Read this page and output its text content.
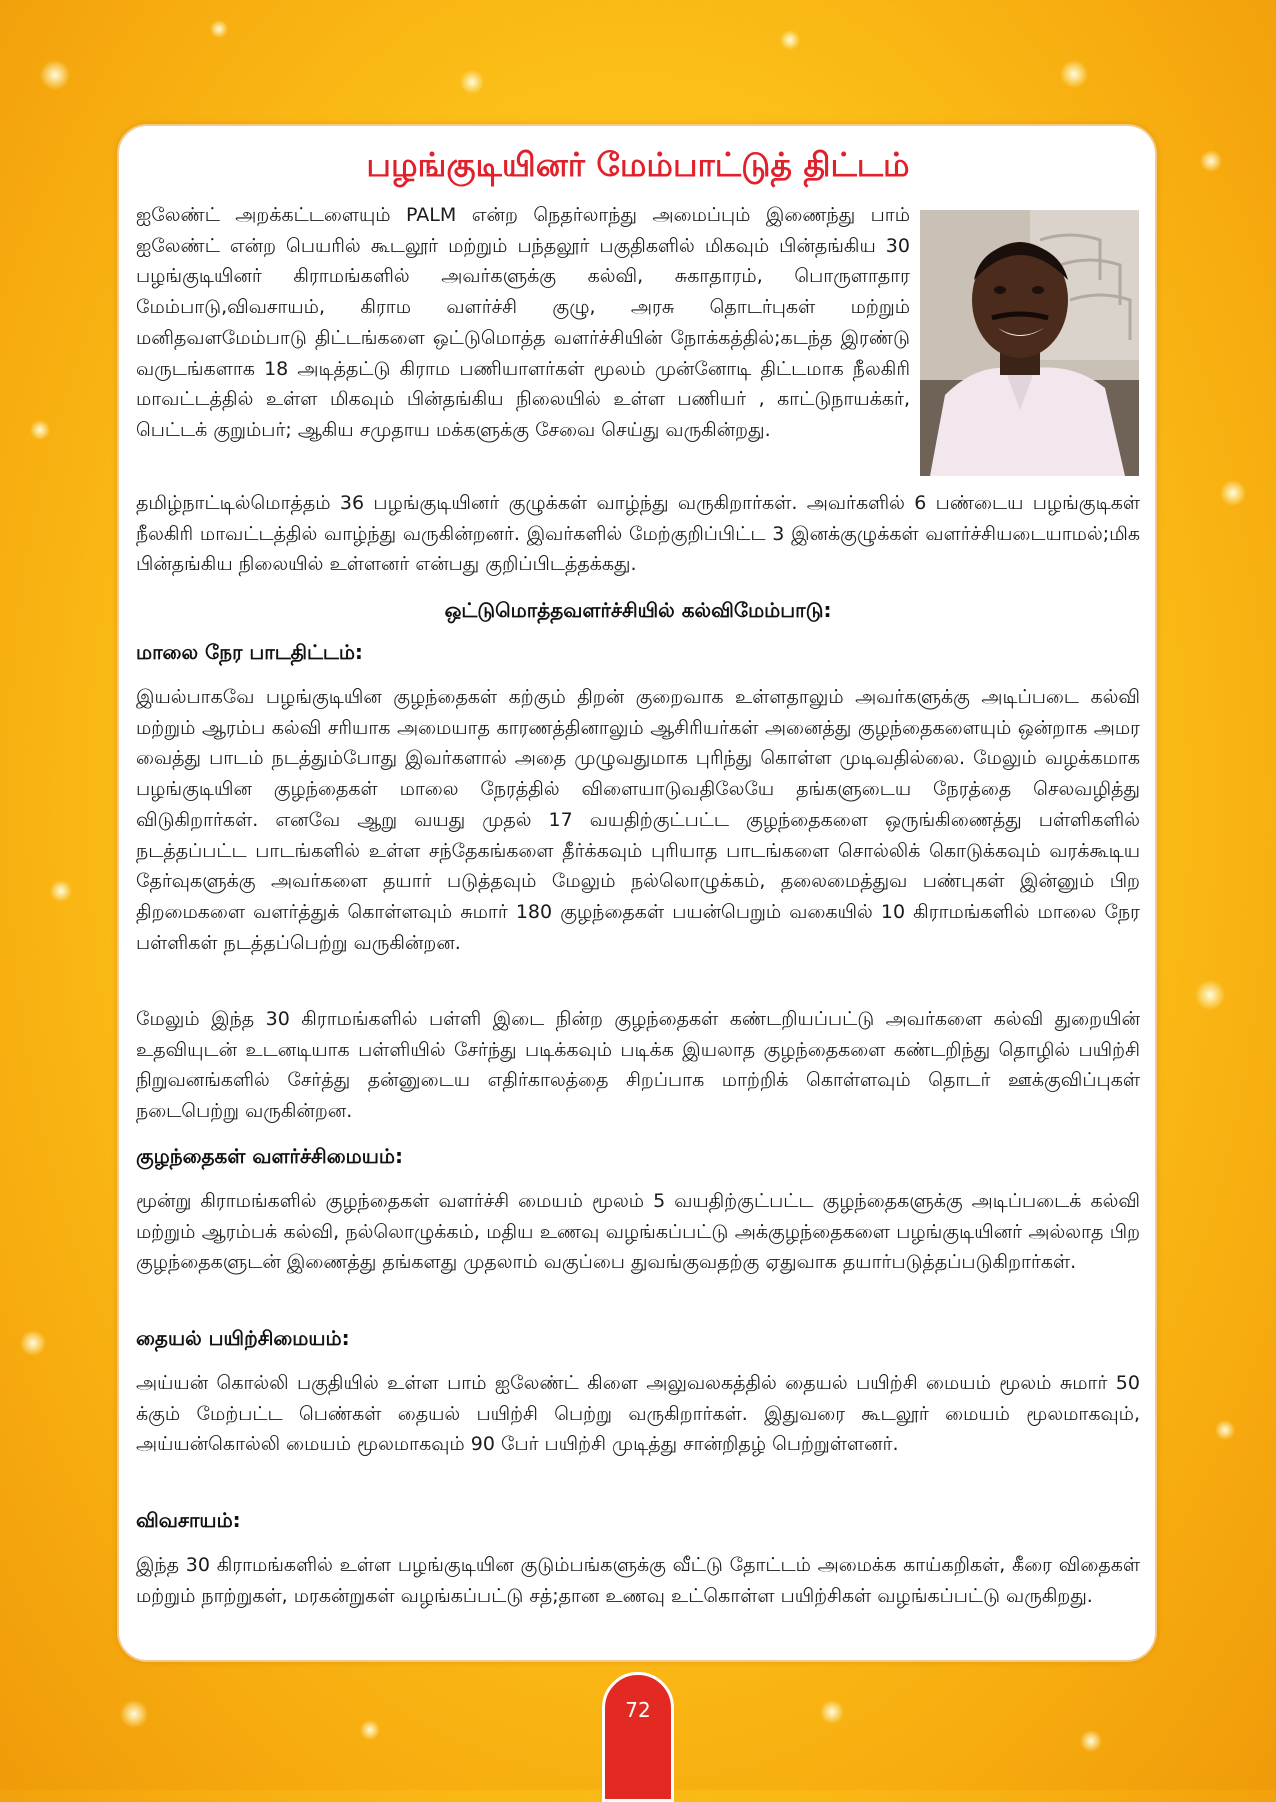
பழங்குடியினர் மேம்பாட்டுத் திட்டம்

ஐலேண்ட் அறக்கட்டளையும் PALM என்ற நெதர்லாந்து அமைப்பும் இணைந்து பாம் ஐலேண்ட் என்ற பெயரில் கூடலூர் மற்றும் பந்தலூர் பகுதிகளில் மிகவும் பின்தங்கிய 30 பழங்குடியினர் கிராமங்களில் அவர்களுக்கு கல்வி, சுகாதாரம், பொருளாதார மேம்பாடு,விவசாயம், கிராம வளர்ச்சி குழு, அரசு தொடர்புகள் மற்றும் மனிதவளமேம்பாடு திட்டங்களை ஒட்டுமொத்த வளர்ச்சியின் நோக்கத்தில்;கடந்த இரண்டு வருடங்களாக 18 அடித்தட்டு கிராம பணியாளர்கள் மூலம் முன்னோடி திட்டமாக நீலகிரி மாவட்டத்தில் உள்ள மிகவும் பின்தங்கிய நிலையில் உள்ள பணியர் , காட்டுநாயக்கர், பெட்டக் குறும்பர்; ஆகிய சமுதாய மக்களுக்கு சேவை செய்து வருகின்றது.

தமிழ்நாட்டில்மொத்தம் 36 பழங்குடியினர் குழுக்கள் வாழ்ந்து வருகிறார்கள். அவர்களில் 6 பண்டைய பழங்குடிகள் நீலகிரி மாவட்டத்தில் வாழ்ந்து வருகின்றனர். இவர்களில் மேற்குறிப்பிட்ட 3 இனக்குழுக்கள் வளர்ச்சியடையாமல்;மிக பின்தங்கிய நிலையில் உள்ளனர் என்பது குறிப்பிடத்தக்கது.

ஒட்டுமொத்தவளர்ச்சியில் கல்விமேம்பாடு:

மாலை நேர பாடதிட்டம்:

இயல்பாகவே பழங்குடியின குழந்தைகள் கற்கும் திறன் குறைவாக உள்ளதாலும் அவர்களுக்கு அடிப்படை கல்வி மற்றும் ஆரம்ப கல்வி சரியாக அமையாத காரணத்தினாலும் ஆசிரியர்கள் அனைத்து குழந்தைகளையும் ஒன்றாக அமர வைத்து பாடம் நடத்தும்போது இவர்களால் அதை முழுவதுமாக புரிந்து கொள்ள முடிவதில்லை. மேலும் வழக்கமாக பழங்குடியின குழந்தைகள் மாலை நேரத்தில் விளையாடுவதிலேயே தங்களுடைய நேரத்தை செலவழித்து விடுகிறார்கள். எனவே ஆறு வயது முதல் 17 வயதிற்குட்பட்ட குழந்தைகளை ஒருங்கிணைத்து பள்ளிகளில் நடத்தப்பட்ட பாடங்களில் உள்ள சந்தேகங்களை தீர்க்கவும் புரியாத பாடங்களை சொல்லிக் கொடுக்கவும் வரக்கூடிய தேர்வுகளுக்கு அவர்களை தயார் படுத்தவும் மேலும் நல்லொழுக்கம், தலைமைத்துவ பண்புகள் இன்னும் பிற திறமைகளை வளர்த்துக் கொள்ளவும் சுமார் 180 குழந்தைகள் பயன்பெறும் வகையில் 10 கிராமங்களில் மாலை நேர பள்ளிகள் நடத்தப்பெற்று வருகின்றன.

மேலும் இந்த 30 கிராமங்களில் பள்ளி இடை நின்ற குழந்தைகள் கண்டறியப்பட்டு அவர்களை கல்வி துறையின் உதவியுடன் உடனடியாக பள்ளியில் சேர்ந்து படிக்கவும் படிக்க இயலாத குழந்தைகளை கண்டறிந்து தொழில் பயிற்சி நிறுவனங்களில் சேர்த்து தன்னுடைய எதிர்காலத்தை சிறப்பாக மாற்றிக் கொள்ளவும் தொடர் ஊக்குவிப்புகள் நடைபெற்று வருகின்றன.

குழந்தைகள் வளர்ச்சிமையம்:

மூன்று கிராமங்களில் குழந்தைகள் வளர்ச்சி மையம் மூலம் 5 வயதிற்குட்பட்ட குழந்தைகளுக்கு அடிப்படைக் கல்வி மற்றும் ஆரம்பக் கல்வி, நல்லொழுக்கம், மதிய உணவு வழங்கப்பட்டு அக்குழந்தைகளை பழங்குடியினர் அல்லாத பிற குழந்தைகளுடன் இணைத்து தங்களது முதலாம் வகுப்பை துவங்குவதற்கு ஏதுவாக தயார்படுத்தப்படுகிறார்கள்.

தையல் பயிற்சிமையம்:

அய்யன் கொல்லி பகுதியில் உள்ள பாம் ஐலேண்ட் கிளை அலுவலகத்தில் தையல் பயிற்சி மையம் மூலம் சுமார் 50 க்கும் மேற்பட்ட பெண்கள் தையல் பயிற்சி பெற்று வருகிறார்கள். இதுவரை கூடலூர் மையம் மூலமாகவும், அய்யன்கொல்லி மையம் மூலமாகவும் 90 பேர் பயிற்சி முடித்து சான்றிதழ் பெற்றுள்ளனர்.

விவசாயம்:

இந்த 30 கிராமங்களில் உள்ள பழங்குடியின குடும்பங்களுக்கு வீட்டு தோட்டம் அமைக்க காய்கறிகள், கீரை விதைகள் மற்றும் நாற்றுகள், மரகன்றுகள் வழங்கப்பட்டு சத்;தான உணவு உட்கொள்ள பயிற்சிகள் வழங்கப்பட்டு வருகிறது.

72
